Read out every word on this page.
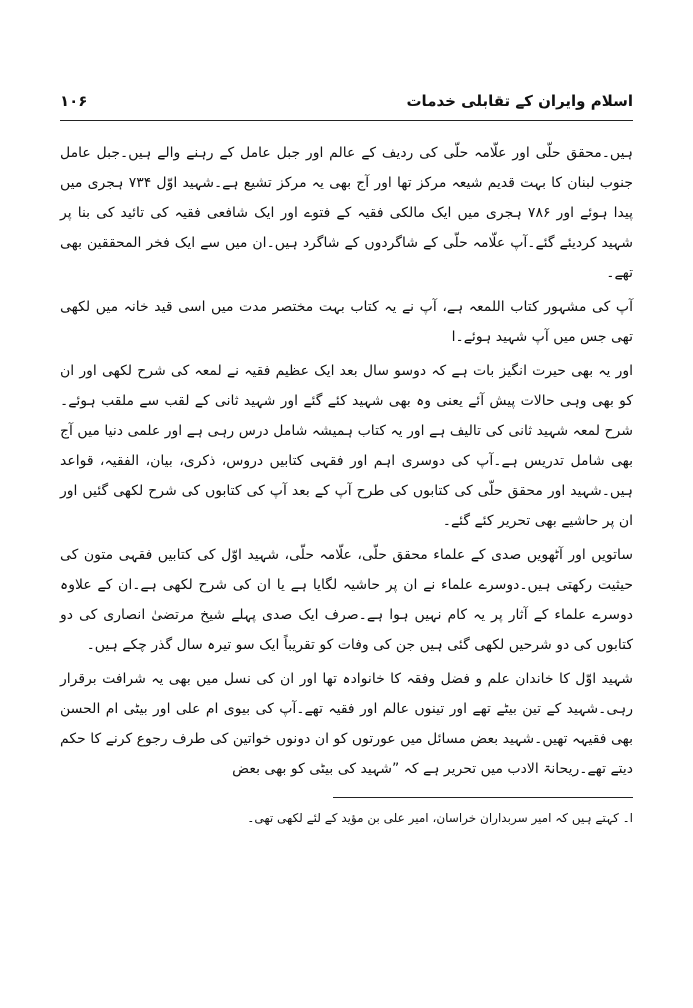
اسلام وایران کے تقابلی خدمات
۱۰۶

ہیں۔محقق حلّی اور علّامہ حلّی کی ردیف کے عالم اور جبل عامل کے رہنے والے ہیں۔جبل عامل جنوب لبنان کا بہت قدیم شیعہ مرکز تھا اور آج بھی یہ مرکز تشیع ہے۔شہید اوّل ۷۳۴ ہجری میں پیدا ہوئے اور ۷۸۶ ہجری میں ایک مالکی فقیہ کے فتوے اور ایک شافعی فقیہ کی تائید کی بنا پر شہید کردیئے گئے۔آپ علّامہ حلّی کے شاگردوں کے شاگرد ہیں۔ان میں سے ایک فخر المحققین بھی تھے۔

آپ کی مشہور کتاب اللمعہ ہے، آپ نے یہ کتاب بہت مختصر مدت میں اسی قید خانہ میں لکھی تھی جس میں آپ شہید ہوئے۔ا

اور یہ بھی حیرت انگیز بات ہے کہ دوسو سال بعد ایک عظیم فقیہ نے لمعہ کی شرح لکھی اور ان کو بھی وہی حالات پیش آئے یعنی وہ بھی شہید کئے گئے اور شہید ثانی کے لقب سے ملقب ہوئے۔شرح لمعہ شہید ثانی کی تالیف ہے اور یہ کتاب ہمیشہ شامل درس رہی ہے اور علمی دنیا میں آج بھی شامل تدریس ہے۔آپ کی دوسری اہم اور فقہی کتابیں دروس، ذکری، بیان، الفقیہ، قواعد ہیں۔شہید اور محقق حلّی کی کتابوں کی طرح آپ کے بعد آپ کی کتابوں کی شرح لکھی گئیں اور ان پر حاشیے بھی تحریر کئے گئے۔

ساتویں اور آٹھویں صدی کے علماء محقق حلّی، علّامہ حلّی، شہید اوّل کی کتابیں فقہی متون کی حیثیت رکھتی ہیں۔دوسرے علماء نے ان پر حاشیہ لگایا ہے یا ان کی شرح لکھی ہے۔ان کے علاوہ دوسرے علماء کے آثار پر یہ کام نہیں ہوا ہے۔صرف ایک صدی پہلے شیخ مرتضیٰ انصاری کی دو کتابوں کی دو شرحیں لکھی گئی ہیں جن کی وفات کو تقریباً ایک سو تیرہ سال گذر چکے ہیں۔

شہید اوّل کا خاندان علم و فضل وفقہ کا خانوادہ تھا اور ان کی نسل میں بھی یہ شرافت برقرار رہی۔شہید کے تین بیٹے تھے اور تینوں عالم اور فقیہ تھے۔آپ کی بیوی ام علی اور بیٹی ام الحسن بھی فقیہہ تھیں۔شہید بعض مسائل میں عورتوں کو ان دونوں خواتین کی طرف رجوع کرنے کا حکم دیتے تھے۔ریحانۃ الادب میں تحریر ہے کہ ”شہید کی بیٹی کو بھی بعض

ا۔ کہتے ہیں کہ امیر سربداران خراسان، امیر علی بن مؤید کے لئے لکھی تھی۔
